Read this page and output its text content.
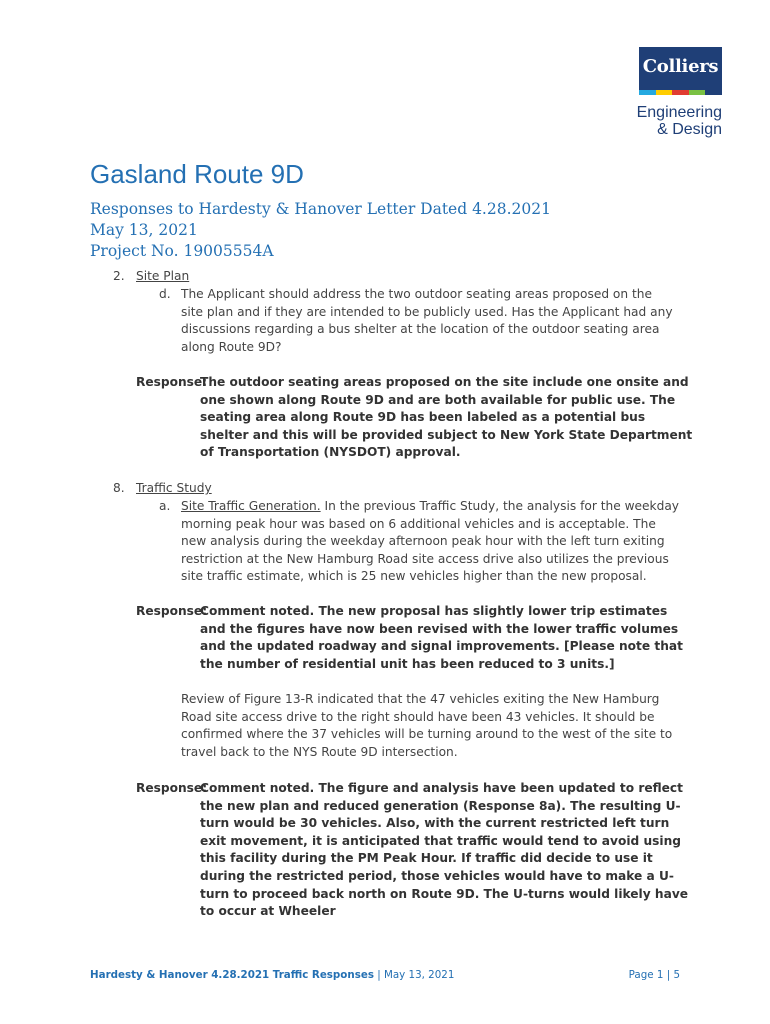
Colliers
Engineering
& Design
Gasland Route 9D

Responses to Hardesty & Hanover Letter Dated 4.28.2021

May 13, 2021

Project No. 19005554A

2. Site Plan
d. The Applicant should address the two outdoor seating areas proposed on the site plan and if they are intended to be publicly used. Has the Applicant had any discussions regarding a bus shelter at the location of the outdoor seating area along Route 9D?

Response:

The outdoor seating areas proposed on the site include one onsite and one shown along Route 9D and are both available for public use. The seating area along Route 9D has been labeled as a potential bus shelter and this will be provided subject to New York State Department of Transportation (NYSDOT) approval.

8. Traffic Study
a. Site Traffic Generation. In the previous Traffic Study, the analysis for the weekday morning peak hour was based on 6 additional vehicles and is acceptable. The new analysis during the weekday afternoon peak hour with the left turn exiting restriction at the New Hamburg Road site access drive also utilizes the previous site traffic estimate, which is 25 new vehicles higher than the new proposal.

Response:

Comment noted. The new proposal has slightly lower trip estimates and the figures have now been revised with the lower traffic volumes and the updated roadway and signal improvements. [Please note that the number of residential unit has been reduced to 3 units.]

Review of Figure 13-R indicated that the 47 vehicles exiting the New Hamburg Road site access drive to the right should have been 43 vehicles. It should be confirmed where the 37 vehicles will be turning around to the west of the site to travel back to the NYS Route 9D intersection.

Response:

Comment noted. The figure and analysis have been updated to reflect the new plan and reduced generation (Response 8a). The resulting U-turn would be 30 vehicles. Also, with the current restricted left turn exit movement, it is anticipated that traffic would tend to avoid using this facility during the PM Peak Hour. If traffic did decide to use it during the restricted period, those vehicles would have to make a U-turn to proceed back north on Route 9D. The U-turns would likely have to occur at Wheeler

Hardesty & Hanover 4.28.2021 Traffic Responses | May 13, 2021	Page 1 | 5
